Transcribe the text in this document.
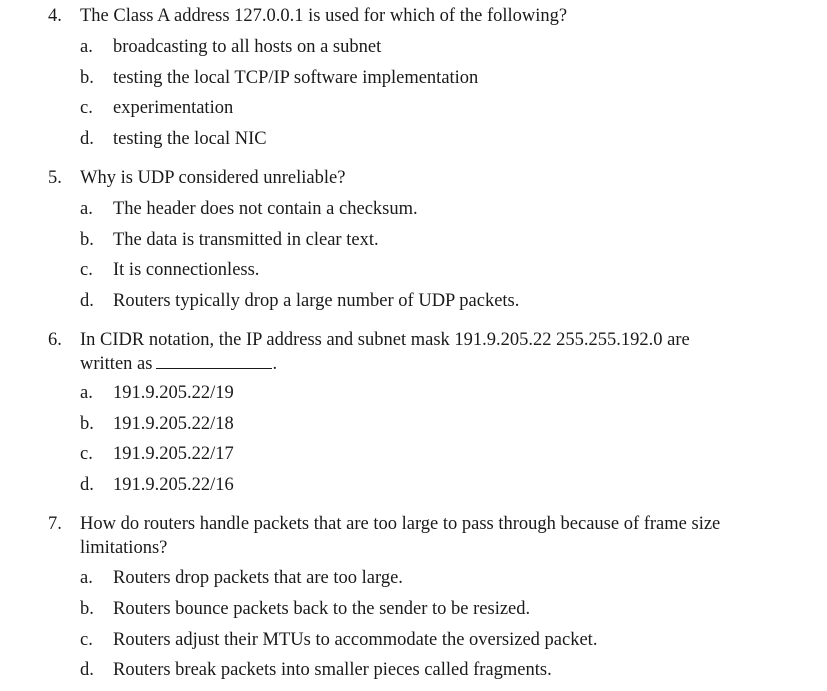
4. The Class A address 127.0.0.1 is used for which of the following?
a. broadcasting to all hosts on a subnet
b. testing the local TCP/IP software implementation
c. experimentation
d. testing the local NIC
5. Why is UDP considered unreliable?
a. The header does not contain a checksum.
b. The data is transmitted in clear text.
c. It is connectionless.
d. Routers typically drop a large number of UDP packets.
6. In CIDR notation, the IP address and subnet mask 191.9.205.22 255.255.192.0 are
written as	.
a. 191.9.205.22/19
b. 191.9.205.22/18
c. 191.9.205.22/17
d. 191.9.205.22/16
7. How do routers handle packets that are too large to pass through because of frame size
limitations?
a. Routers drop packets that are too large.
b. Routers bounce packets back to the sender to be resized.
c. Routers adjust their MTUs to accommodate the oversized packet.
d. Routers break packets into smaller pieces called fragments.
